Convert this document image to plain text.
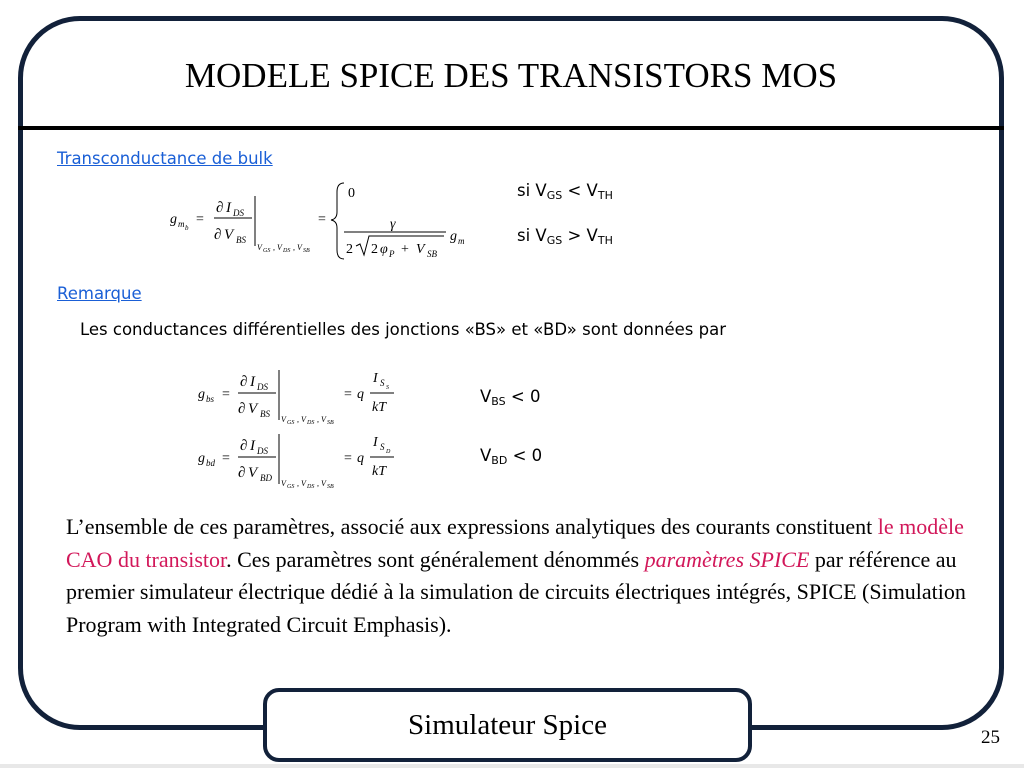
MODELE SPICE DES TRANSISTORS MOS
Transconductance de bulk
g m b
=
∂ I DS
∂ V BS
V GS , V DS , V SB
=
0
γ
2 2 φ P + V SB
g m
si $V_{GS} < V_{TH}$
si $V_{GS} > V_{TH}$
Remarque
Les conductances différentielles des jonctions «BS» et «BD» sont données par
g bs =
∂ I DS
∂ V BS
V GS , V DS , V SB
= q
I S S
kT
g bd =
∂ I DS
∂ V BD
V GS , V DS , V SB
= q
I S D
kT
$V_{BS} < 0$
$V_{BD} < 0$
L’ensemble de ces paramètres, associé aux expressions analytiques des courants constituent le modèle CAO du transistor. Ces paramètres sont généralement dénommés paramètres SPICE par référence au premier simulateur électrique dédié à la simulation de circuits électriques intégrés, SPICE (Simulation Program with Integrated Circuit Emphasis).
Simulateur Spice	25
